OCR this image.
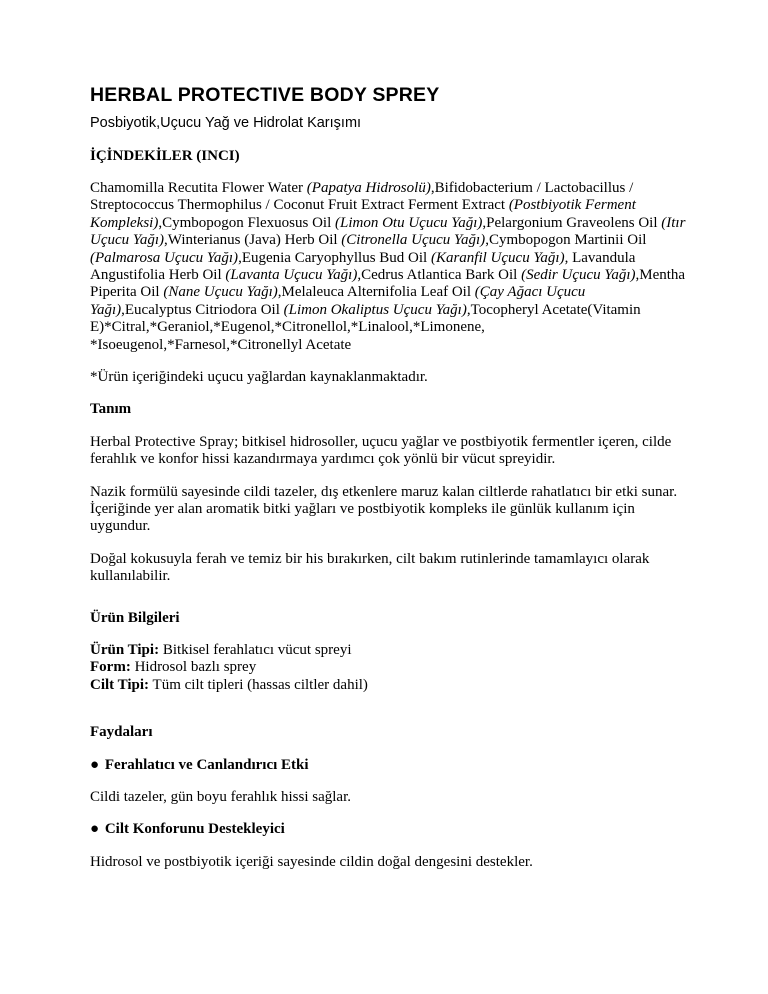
HERBAL PROTECTIVE BODY SPREY

Posbiyotik,Uçucu Yağ ve Hidrolat Karışımı

İÇİNDEKİLER (INCI)

Chamomilla Recutita Flower Water (Papatya Hidrosolü),Bifidobacterium / Lactobacillus / Streptococcus Thermophilus / Coconut Fruit Extract Ferment Extract (Postbiyotik Ferment Kompleksi),Cymbopogon Flexuosus Oil (Limon Otu Uçucu Yağı),Pelargonium Graveolens Oil (Itır Uçucu Yağı),Winterianus (Java) Herb Oil (Citronella Uçucu Yağı),Cymbopogon Martinii Oil (Palmarosa Uçucu Yağı),Eugenia Caryophyllus Bud Oil (Karanfil Uçucu Yağı), Lavandula Angustifolia Herb Oil (Lavanta Uçucu Yağı),Cedrus Atlantica Bark Oil (Sedir Uçucu Yağı),Mentha Piperita Oil (Nane Uçucu Yağı),Melaleuca Alternifolia Leaf Oil (Çay Ağacı Uçucu Yağı),Eucalyptus Citriodora Oil (Limon Okaliptus Uçucu Yağı),Tocopheryl Acetate(Vitamin E)*Citral,*Geraniol,*Eugenol,*Citronellol,*Linalool,*Limonene, *Isoeugenol,*Farnesol,*Citronellyl Acetate

*Ürün içeriğindeki uçucu yağlardan kaynaklanmaktadır.

Tanım

Herbal Protective Spray; bitkisel hidrosoller, uçucu yağlar ve postbiyotik fermentler içeren, cilde ferahlık ve konfor hissi kazandırmaya yardımcı çok yönlü bir vücut spreyidir.

Nazik formülü sayesinde cildi tazeler, dış etkenlere maruz kalan ciltlerde rahatlatıcı bir etki sunar. İçeriğinde yer alan aromatik bitki yağları ve postbiyotik kompleks ile günlük kullanım için uygundur.

Doğal kokusuyla ferah ve temiz bir his bırakırken, cilt bakım rutinlerinde tamamlayıcı olarak kullanılabilir.

Ürün Bilgileri

Ürün Tipi: Bitkisel ferahlatıcı vücut spreyi

Form: Hidrosol bazlı sprey

Cilt Tipi: Tüm cilt tipleri (hassas ciltler dahil)

Faydaları

● Ferahlatıcı ve Canlandırıcı Etki

Cildi tazeler, gün boyu ferahlık hissi sağlar.

● Cilt Konforunu Destekleyici

Hidrosol ve postbiyotik içeriği sayesinde cildin doğal dengesini destekler.
